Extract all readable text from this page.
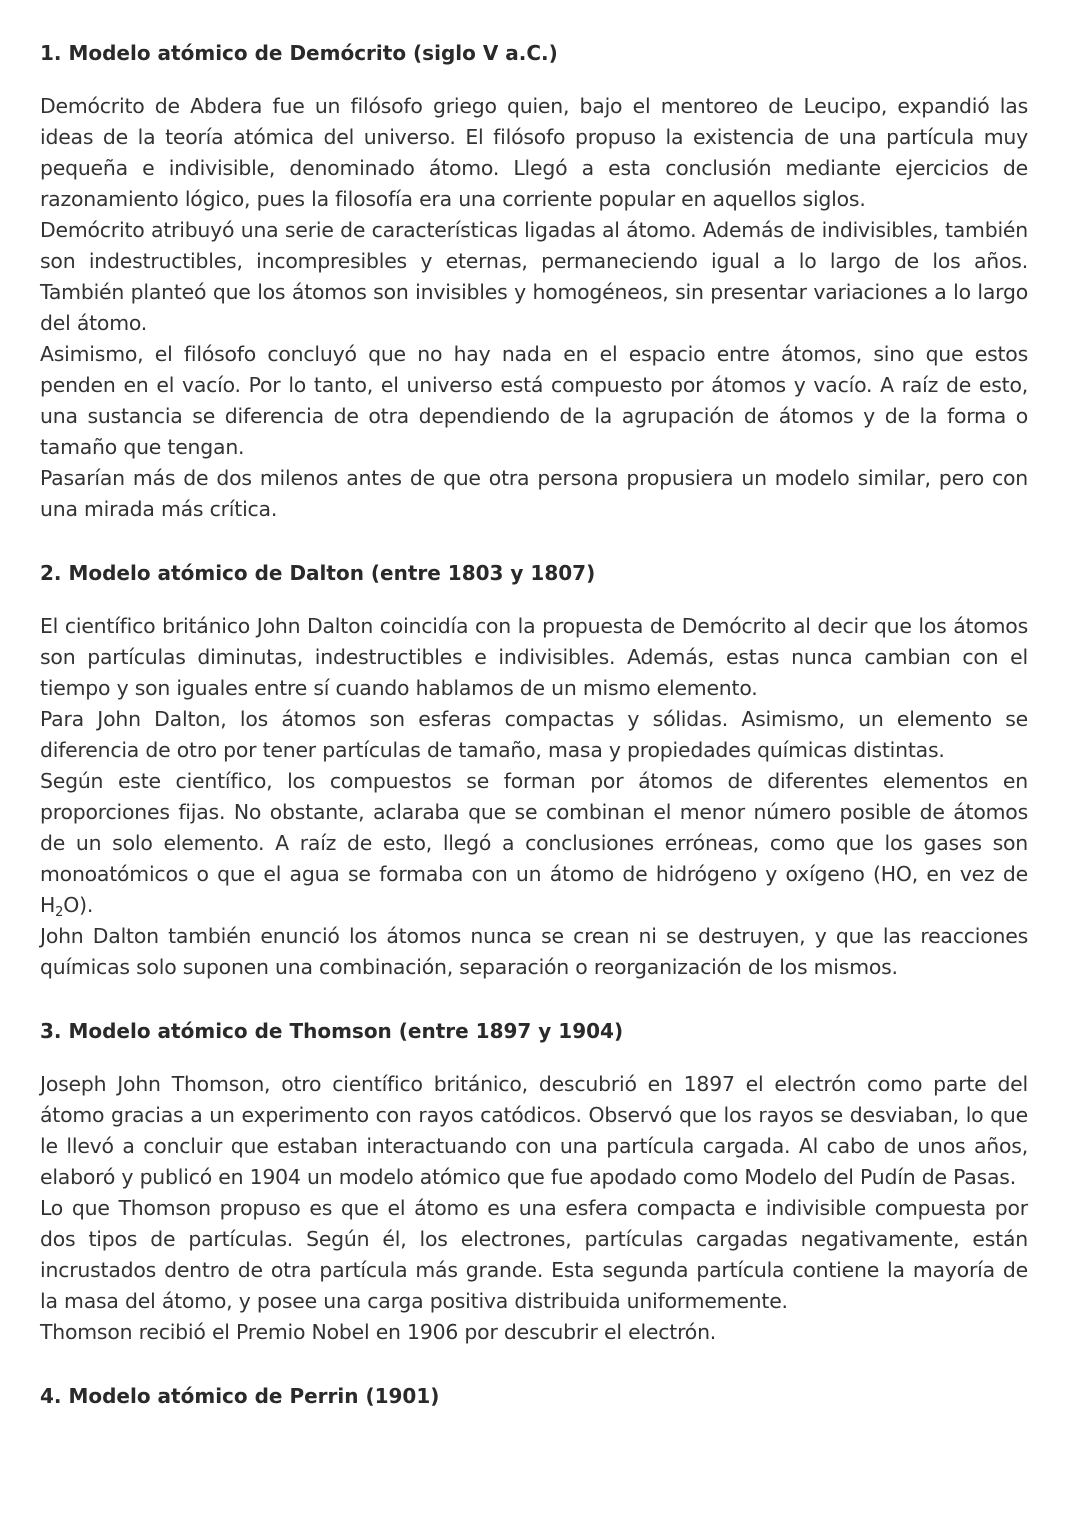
1. Modelo atómico de Demócrito (siglo V a.C.)

Demócrito de Abdera fue un filósofo griego quien, bajo el mentoreo de Leucipo, expandió las ideas de la teoría atómica del universo. El filósofo propuso la existencia de una partícula muy pequeña e indivisible, denominado átomo. Llegó a esta conclusión mediante ejercicios de razonamiento lógico, pues la filosofía era una corriente popular en aquellos siglos.

Demócrito atribuyó una serie de características ligadas al átomo. Además de indivisibles, también son indestructibles, incompresibles y eternas, permaneciendo igual a lo largo de los años. También planteó que los átomos son invisibles y homogéneos, sin presentar variaciones a lo largo del átomo.

Asimismo, el filósofo concluyó que no hay nada en el espacio entre átomos, sino que estos penden en el vacío. Por lo tanto, el universo está compuesto por átomos y vacío. A raíz de esto, una sustancia se diferencia de otra dependiendo de la agrupación de átomos y de la forma o tamaño que tengan.

Pasarían más de dos milenos antes de que otra persona propusiera un modelo similar, pero con una mirada más crítica.

2. Modelo atómico de Dalton (entre 1803 y 1807)

El científico británico John Dalton coincidía con la propuesta de Demócrito al decir que los átomos son partículas diminutas, indestructibles e indivisibles. Además, estas nunca cambian con el tiempo y son iguales entre sí cuando hablamos de un mismo elemento.

Para John Dalton, los átomos son esferas compactas y sólidas. Asimismo, un elemento se diferencia de otro por tener partículas de tamaño, masa y propiedades químicas distintas.

Según este científico, los compuestos se forman por átomos de diferentes elementos en proporciones fijas. No obstante, aclaraba que se combinan el menor número posible de átomos de un solo elemento. A raíz de esto, llegó a conclusiones erróneas, como que los gases son monoatómicos o que el agua se formaba con un átomo de hidrógeno y oxígeno (HO, en vez de $H_2O$).

John Dalton también enunció los átomos nunca se crean ni se destruyen, y que las reacciones químicas solo suponen una combinación, separación o reorganización de los mismos.

3. Modelo atómico de Thomson (entre 1897 y 1904)

Joseph John Thomson, otro científico británico, descubrió en 1897 el electrón como parte del átomo gracias a un experimento con rayos catódicos. Observó que los rayos se desviaban, lo que le llevó a concluir que estaban interactuando con una partícula cargada. Al cabo de unos años, elaboró y publicó en 1904 un modelo atómico que fue apodado como Modelo del Pudín de Pasas.

Lo que Thomson propuso es que el átomo es una esfera compacta e indivisible compuesta por dos tipos de partículas. Según él, los electrones, partículas cargadas negativamente, están incrustados dentro de otra partícula más grande. Esta segunda partícula contiene la mayoría de la masa del átomo, y posee una carga positiva distribuida uniformemente.

Thomson recibió el Premio Nobel en 1906 por descubrir el electrón.

4. Modelo atómico de Perrin (1901)
